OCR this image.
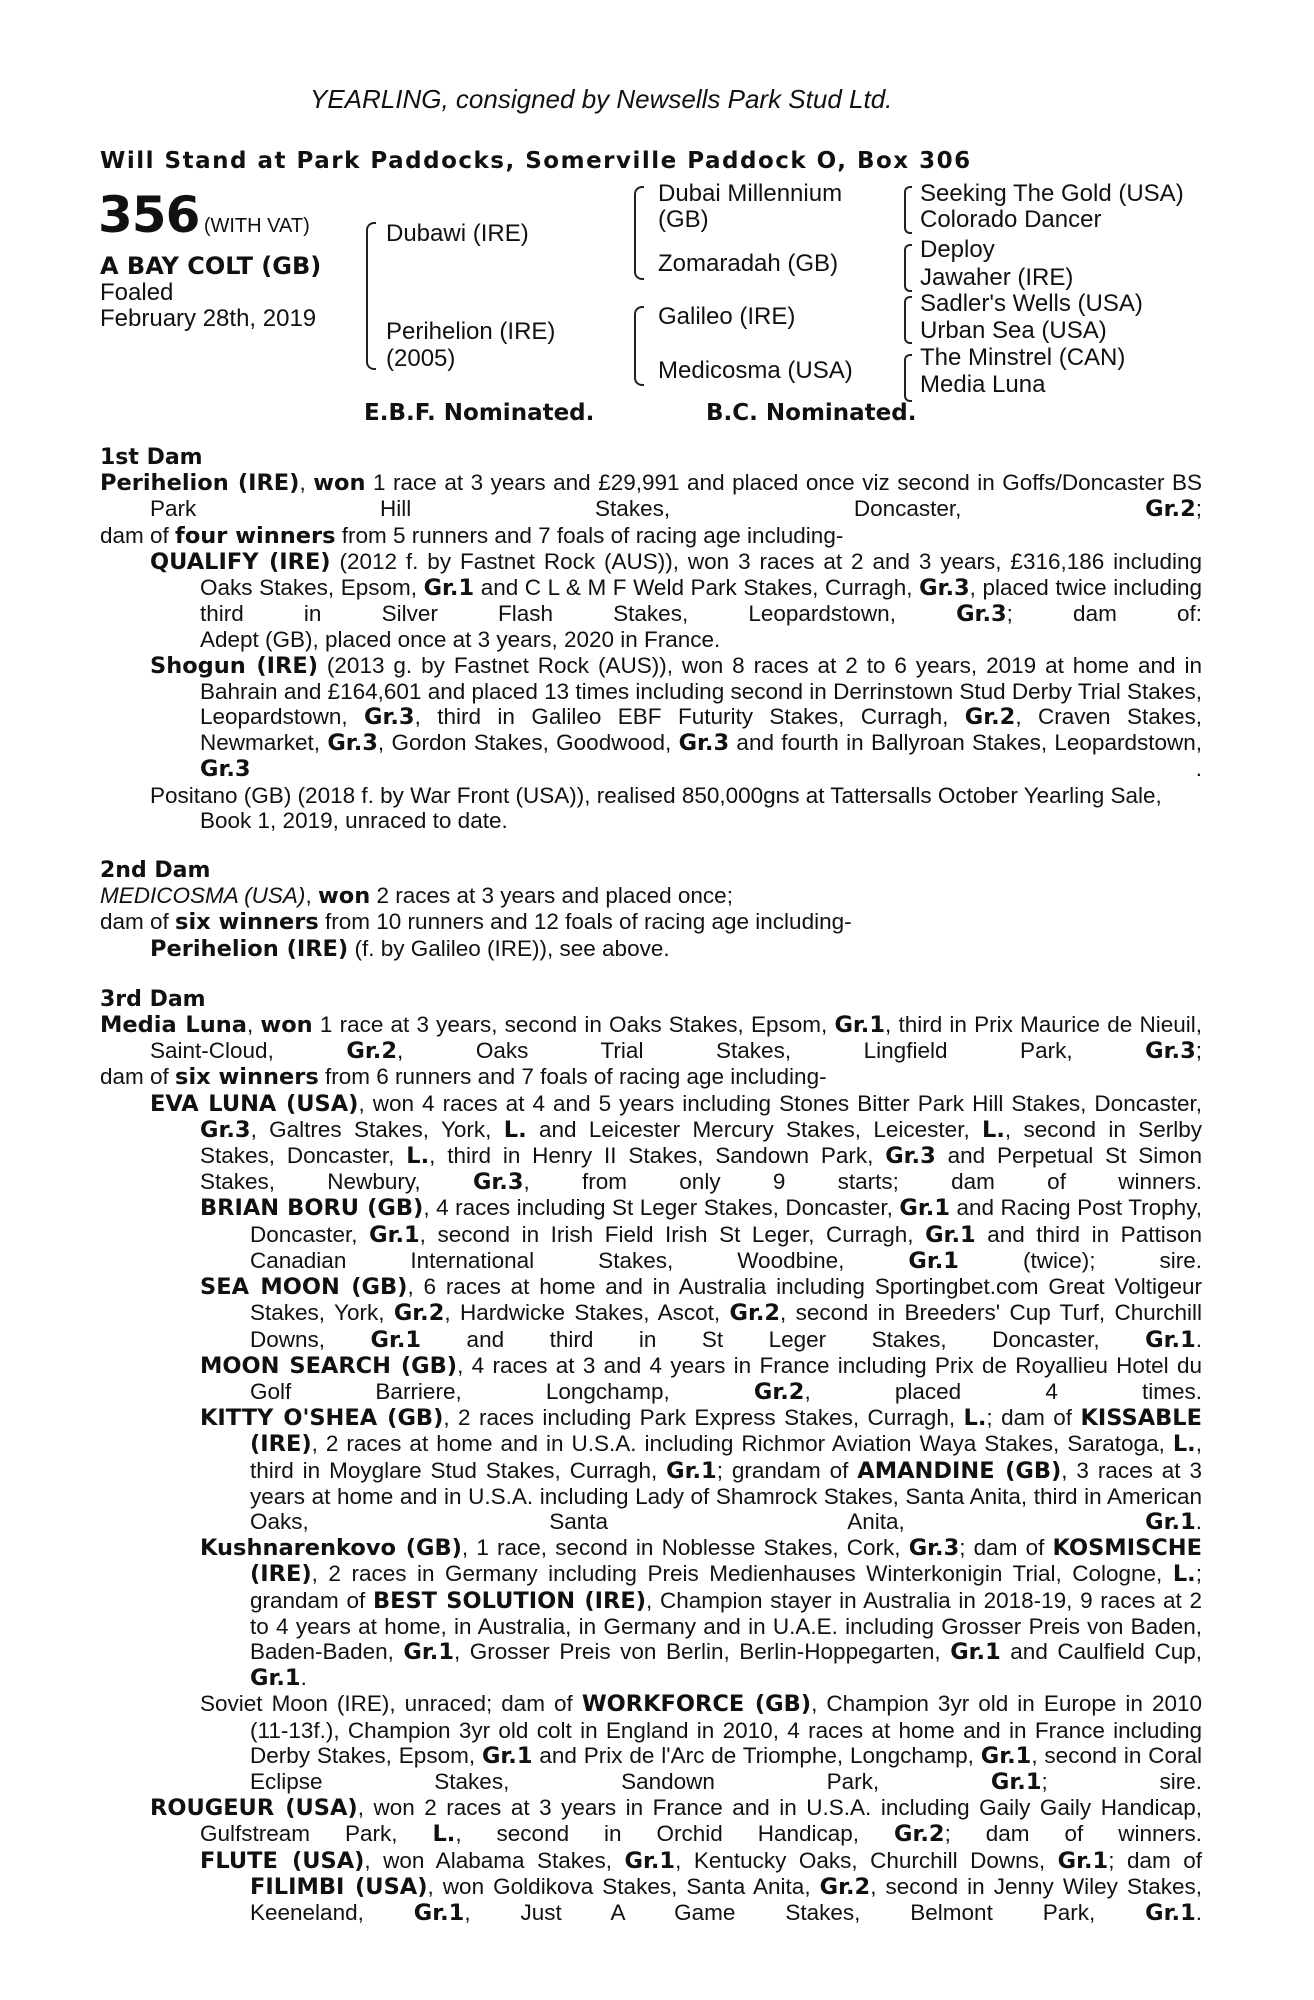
YEARLING, consigned by Newsells Park Stud Ltd.
Will Stand at Park Paddocks, Somerville Paddock O, Box 306
356 (WITH VAT)
A BAY COLT (GB)
Foaled
February 28th, 2019
Dubawi (IRE)
Perihelion (IRE)
(2005)
Dubai Millennium
(GB)
Zomaradah (GB)
Galileo (IRE)
Medicosma (USA)
Seeking The Gold (USA)
Colorado Dancer
Deploy
Jawaher (IRE)
Sadler's Wells (USA)
Urban Sea (USA)
The Minstrel (CAN)
Media Luna
E.B.F. Nominated.	B.C. Nominated.

1st Dam

Perihelion (IRE), won 1 race at 3 years and £29,991 and placed once viz second in Goffs/Doncaster BS Park Hill Stakes, Doncaster, Gr.2;

dam of four winners from 5 runners and 7 foals of racing age including-

QUALIFY (IRE) (2012 f. by Fastnet Rock (AUS)), won 3 races at 2 and 3 years, £316,186 including Oaks Stakes, Epsom, Gr.1 and C L & M F Weld Park Stakes, Curragh, Gr.3, placed twice including third in Silver Flash Stakes, Leopardstown, Gr.3; dam of:

Adept (GB), placed once at 3 years, 2020 in France.

Shogun (IRE) (2013 g. by Fastnet Rock (AUS)), won 8 races at 2 to 6 years, 2019 at home and in Bahrain and £164,601 and placed 13 times including second in Derrinstown Stud Derby Trial Stakes, Leopardstown, Gr.3, third in Galileo EBF Futurity Stakes, Curragh, Gr.2, Craven Stakes, Newmarket, Gr.3, Gordon Stakes, Goodwood, Gr.3 and fourth in Ballyroan Stakes, Leopardstown, Gr.3 .

Positano (GB) (2018 f. by War Front (USA)), realised 850,000gns at Tattersalls October Yearling Sale, Book 1, 2019, unraced to date.

2nd Dam

MEDICOSMA (USA), won 2 races at 3 years and placed once;

dam of six winners from 10 runners and 12 foals of racing age including-

Perihelion (IRE) (f. by Galileo (IRE)), see above.

3rd Dam

Media Luna, won 1 race at 3 years, second in Oaks Stakes, Epsom, Gr.1, third in Prix Maurice de Nieuil, Saint-Cloud, Gr.2, Oaks Trial Stakes, Lingfield Park, Gr.3;

dam of six winners from 6 runners and 7 foals of racing age including-

EVA LUNA (USA), won 4 races at 4 and 5 years including Stones Bitter Park Hill Stakes, Doncaster, Gr.3, Galtres Stakes, York, L. and Leicester Mercury Stakes, Leicester, L., second in Serlby Stakes, Doncaster, L., third in Henry II Stakes, Sandown Park, Gr.3 and Perpetual St Simon Stakes, Newbury, Gr.3, from only 9 starts; dam of winners.

BRIAN BORU (GB), 4 races including St Leger Stakes, Doncaster, Gr.1 and Racing Post Trophy, Doncaster, Gr.1, second in Irish Field Irish St Leger, Curragh, Gr.1 and third in Pattison Canadian International Stakes, Woodbine, Gr.1 (twice); sire.

SEA MOON (GB), 6 races at home and in Australia including Sportingbet.com Great Voltigeur Stakes, York, Gr.2, Hardwicke Stakes, Ascot, Gr.2, second in Breeders' Cup Turf, Churchill Downs, Gr.1 and third in St Leger Stakes, Doncaster, Gr.1.

MOON SEARCH (GB), 4 races at 3 and 4 years in France including Prix de Royallieu Hotel du Golf Barriere, Longchamp, Gr.2, placed 4 times.

KITTY O'SHEA (GB), 2 races including Park Express Stakes, Curragh, L.; dam of KISSABLE (IRE), 2 races at home and in U.S.A. including Richmor Aviation Waya Stakes, Saratoga, L., third in Moyglare Stud Stakes, Curragh, Gr.1; grandam of AMANDINE (GB), 3 races at 3 years at home and in U.S.A. including Lady of Shamrock Stakes, Santa Anita, third in American Oaks, Santa Anita, Gr.1.

Kushnarenkovo (GB), 1 race, second in Noblesse Stakes, Cork, Gr.3; dam of KOSMISCHE (IRE), 2 races in Germany including Preis Medienhauses Winterkonigin Trial, Cologne, L.; grandam of BEST SOLUTION (IRE), Champion stayer in Australia in 2018-19, 9 races at 2 to 4 years at home, in Australia, in Germany and in U.A.E. including Grosser Preis von Baden, Baden-Baden, Gr.1, Grosser Preis von Berlin, Berlin-Hoppegarten, Gr.1 and Caulfield Cup, Gr.1.

Soviet Moon (IRE), unraced; dam of WORKFORCE (GB), Champion 3yr old in Europe in 2010 (11-13f.), Champion 3yr old colt in England in 2010, 4 races at home and in France including Derby Stakes, Epsom, Gr.1 and Prix de l'Arc de Triomphe, Longchamp, Gr.1, second in Coral Eclipse Stakes, Sandown Park, Gr.1; sire.

ROUGEUR (USA), won 2 races at 3 years in France and in U.S.A. including Gaily Gaily Handicap, Gulfstream Park, L., second in Orchid Handicap, Gr.2; dam of winners.

FLUTE (USA), won Alabama Stakes, Gr.1, Kentucky Oaks, Churchill Downs, Gr.1; dam of FILIMBI (USA), won Goldikova Stakes, Santa Anita, Gr.2, second in Jenny Wiley Stakes, Keeneland, Gr.1, Just A Game Stakes, Belmont Park, Gr.1.
